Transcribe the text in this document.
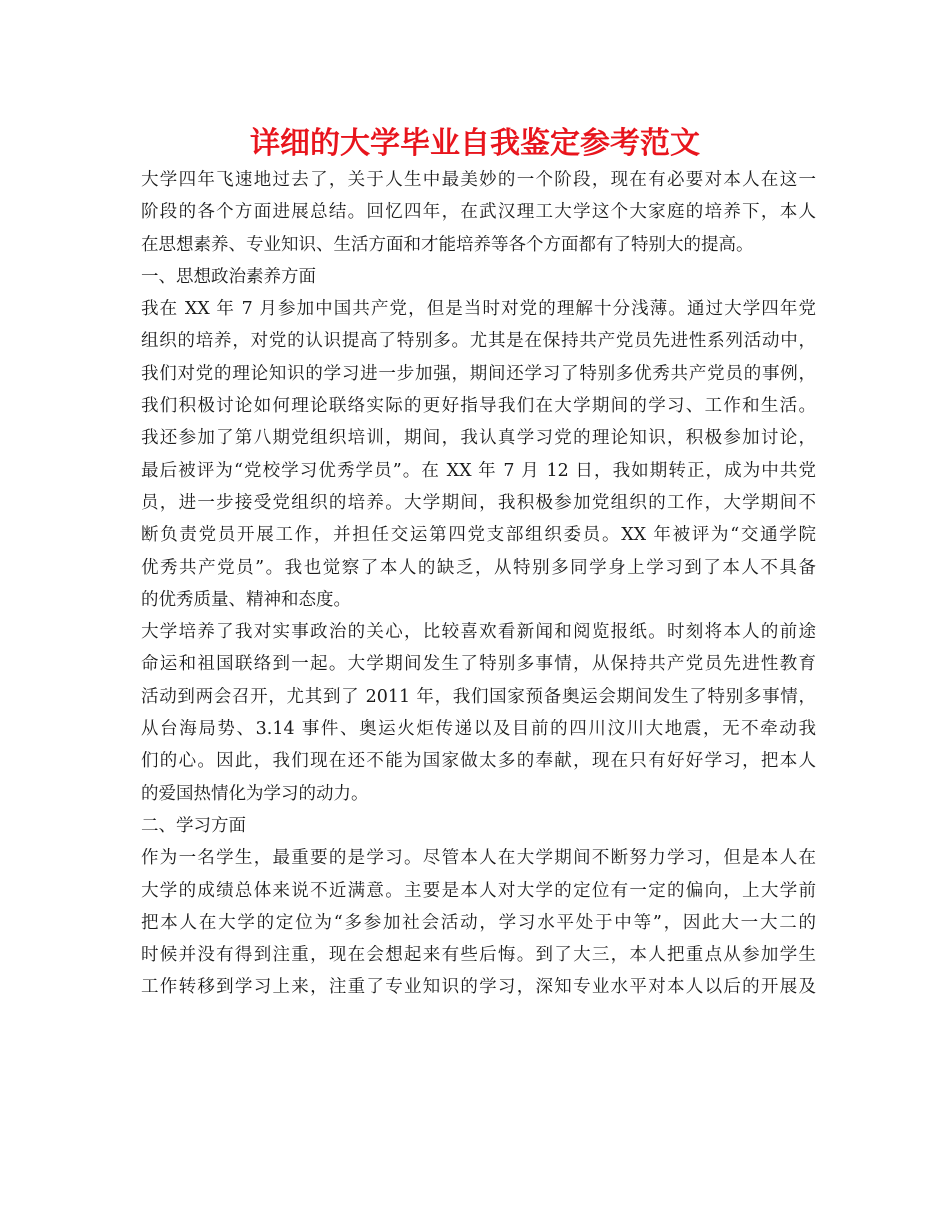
详细的大学毕业自我鉴定参考范文
大学四年飞速地过去了，关于人生中最美妙的一个阶段，现在有必要对本人在这一
阶段的各个方面进展总结。回忆四年，在武汉理工大学这个大家庭的培养下，本人
在思想素养、专业知识、生活方面和才能培养等各个方面都有了特别大的提高。
一、思想政治素养方面
我在 XX 年 7 月参加中国共产党，但是当时对党的理解十分浅薄。通过大学四年党
组织的培养，对党的认识提高了特别多。尤其是在保持共产党员先进性系列活动中，
我们对党的理论知识的学习进一步加强，期间还学习了特别多优秀共产党员的事例，
我们积极讨论如何理论联络实际的更好指导我们在大学期间的学习、工作和生活。
我还参加了第八期党组织培训，期间，我认真学习党的理论知识，积极参加讨论，
最后被评为“党校学习优秀学员”。在 XX 年 7 月 12 日，我如期转正，成为中共党
员，进一步接受党组织的培养。大学期间，我积极参加党组织的工作，大学期间不
断负责党员开展工作，并担任交运第四党支部组织委员。XX 年被评为“交通学院
优秀共产党员”。我也觉察了本人的缺乏，从特别多同学身上学习到了本人不具备
的优秀质量、精神和态度。
大学培养了我对实事政治的关心，比较喜欢看新闻和阅览报纸。时刻将本人的前途
命运和祖国联络到一起。大学期间发生了特别多事情，从保持共产党员先进性教育
活动到两会召开，尤其到了 2011 年，我们国家预备奥运会期间发生了特别多事情，
从台海局势、3.14 事件、奥运火炬传递以及目前的四川汶川大地震，无不牵动我
们的心。因此，我们现在还不能为国家做太多的奉献，现在只有好好学习，把本人
的爱国热情化为学习的动力。
二、学习方面
作为一名学生，最重要的是学习。尽管本人在大学期间不断努力学习，但是本人在
大学的成绩总体来说不近满意。主要是本人对大学的定位有一定的偏向，上大学前
把本人在大学的定位为“多参加社会活动，学习水平处于中等”，因此大一大二的
时候并没有得到注重，现在会想起来有些后悔。到了大三，本人把重点从参加学生
工作转移到学习上来，注重了专业知识的学习，深知专业水平对本人以后的开展及
